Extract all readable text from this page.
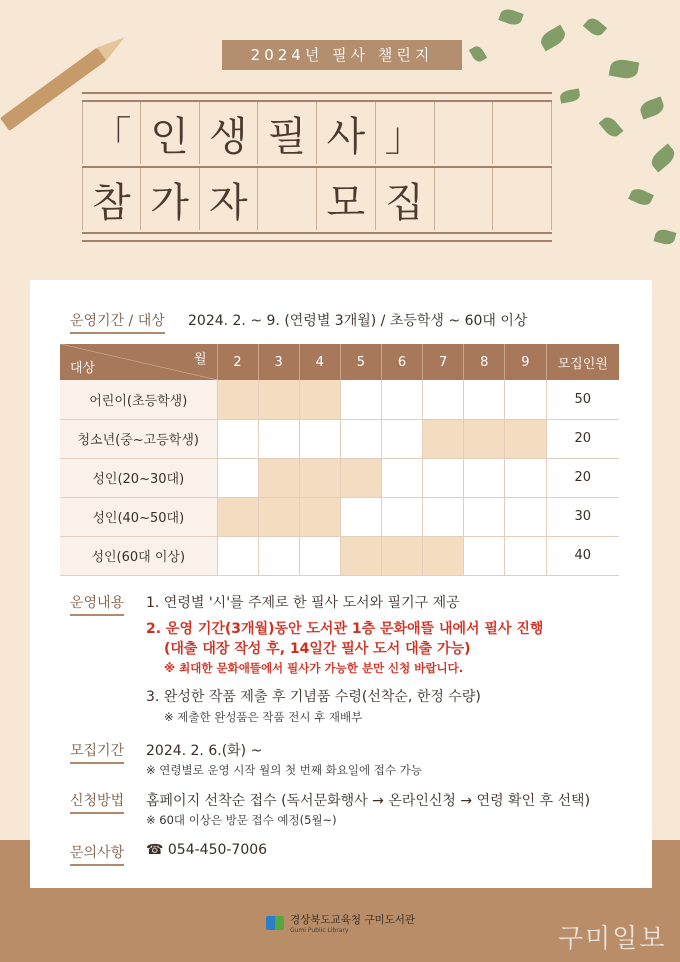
2024년 필사 챌린지
「 인 생 필 사 」
참 가 자 모 집
운영기간 / 대상 2024. 2. ~ 9. (연령별 3개월) / 초등학생 ~ 60대 이상
월
대상	2	3	4	5	6	7	8	9	모집인원
어린이(초등학생)									50
청소년(중~고등학생)									20
성인(20~30대)									20
성인(40~50대)									30
성인(60대 이상)									40
운영내용 1. 연령별 '시'를 주제로 한 필사 도서와 필기구 제공
2. 운영 기간(3개월)동안 도서관 1층 문화애뜰 내에서 필사 진행
(대출 대장 작성 후, 14일간 필사 도서 대출 가능)
※ 최대한 문화애뜰에서 필사가 가능한 분만 신청 바랍니다.
3. 완성한 작품 제출 후 기념품 수령(선착순, 한정 수량)
※ 제출한 완성품은 작품 전시 후 재배부
모집기간 2024. 2. 6.(화) ~
※ 연령별로 운영 시작 월의 첫 번째 화요일에 접수 가능
신청방법 홈페이지 선착순 접수 (독서문화행사 → 온라인신청 → 연령 확인 후 선택)
※ 60대 이상은 방문 접수 예정(5월~)
문의사항 ☎ 054-450-7006
경상북도교육청 구미도서관
Gumi Public Library	구미일보
